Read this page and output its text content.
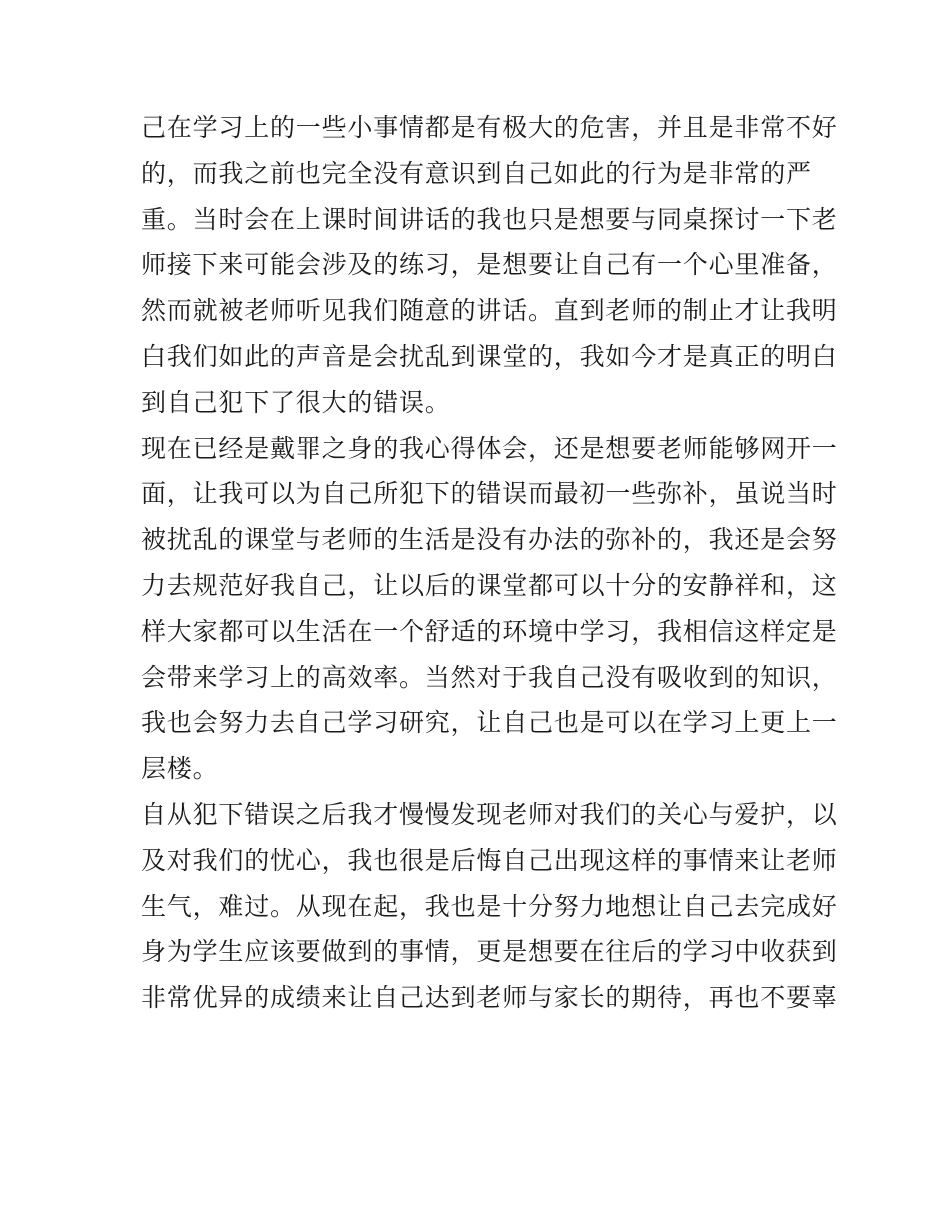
己在学习上的一些小事情都是有极大的危害，并且是非常不好
的，而我之前也完全没有意识到自己如此的行为是非常的严
重。当时会在上课时间讲话的我也只是想要与同桌探讨一下老
师接下来可能会涉及的练习，是想要让自己有一个心里准备，
然而就被老师听见我们随意的讲话。直到老师的制止才让我明
白我们如此的声音是会扰乱到课堂的，我如今才是真正的明白
到自己犯下了很大的错误。
现在已经是戴罪之身的我心得体会，还是想要老师能够网开一
面，让我可以为自己所犯下的错误而最初一些弥补，虽说当时
被扰乱的课堂与老师的生活是没有办法的弥补的，我还是会努
力去规范好我自己，让以后的课堂都可以十分的安静祥和，这
样大家都可以生活在一个舒适的环境中学习，我相信这样定是
会带来学习上的高效率。当然对于我自己没有吸收到的知识，
我也会努力去自己学习研究，让自己也是可以在学习上更上一
层楼。
自从犯下错误之后我才慢慢发现老师对我们的关心与爱护，以
及对我们的忧心，我也很是后悔自己出现这样的事情来让老师
生气，难过。从现在起，我也是十分努力地想让自己去完成好
身为学生应该要做到的事情，更是想要在往后的学习中收获到
非常优异的成绩来让自己达到老师与家长的期待，再也不要辜
